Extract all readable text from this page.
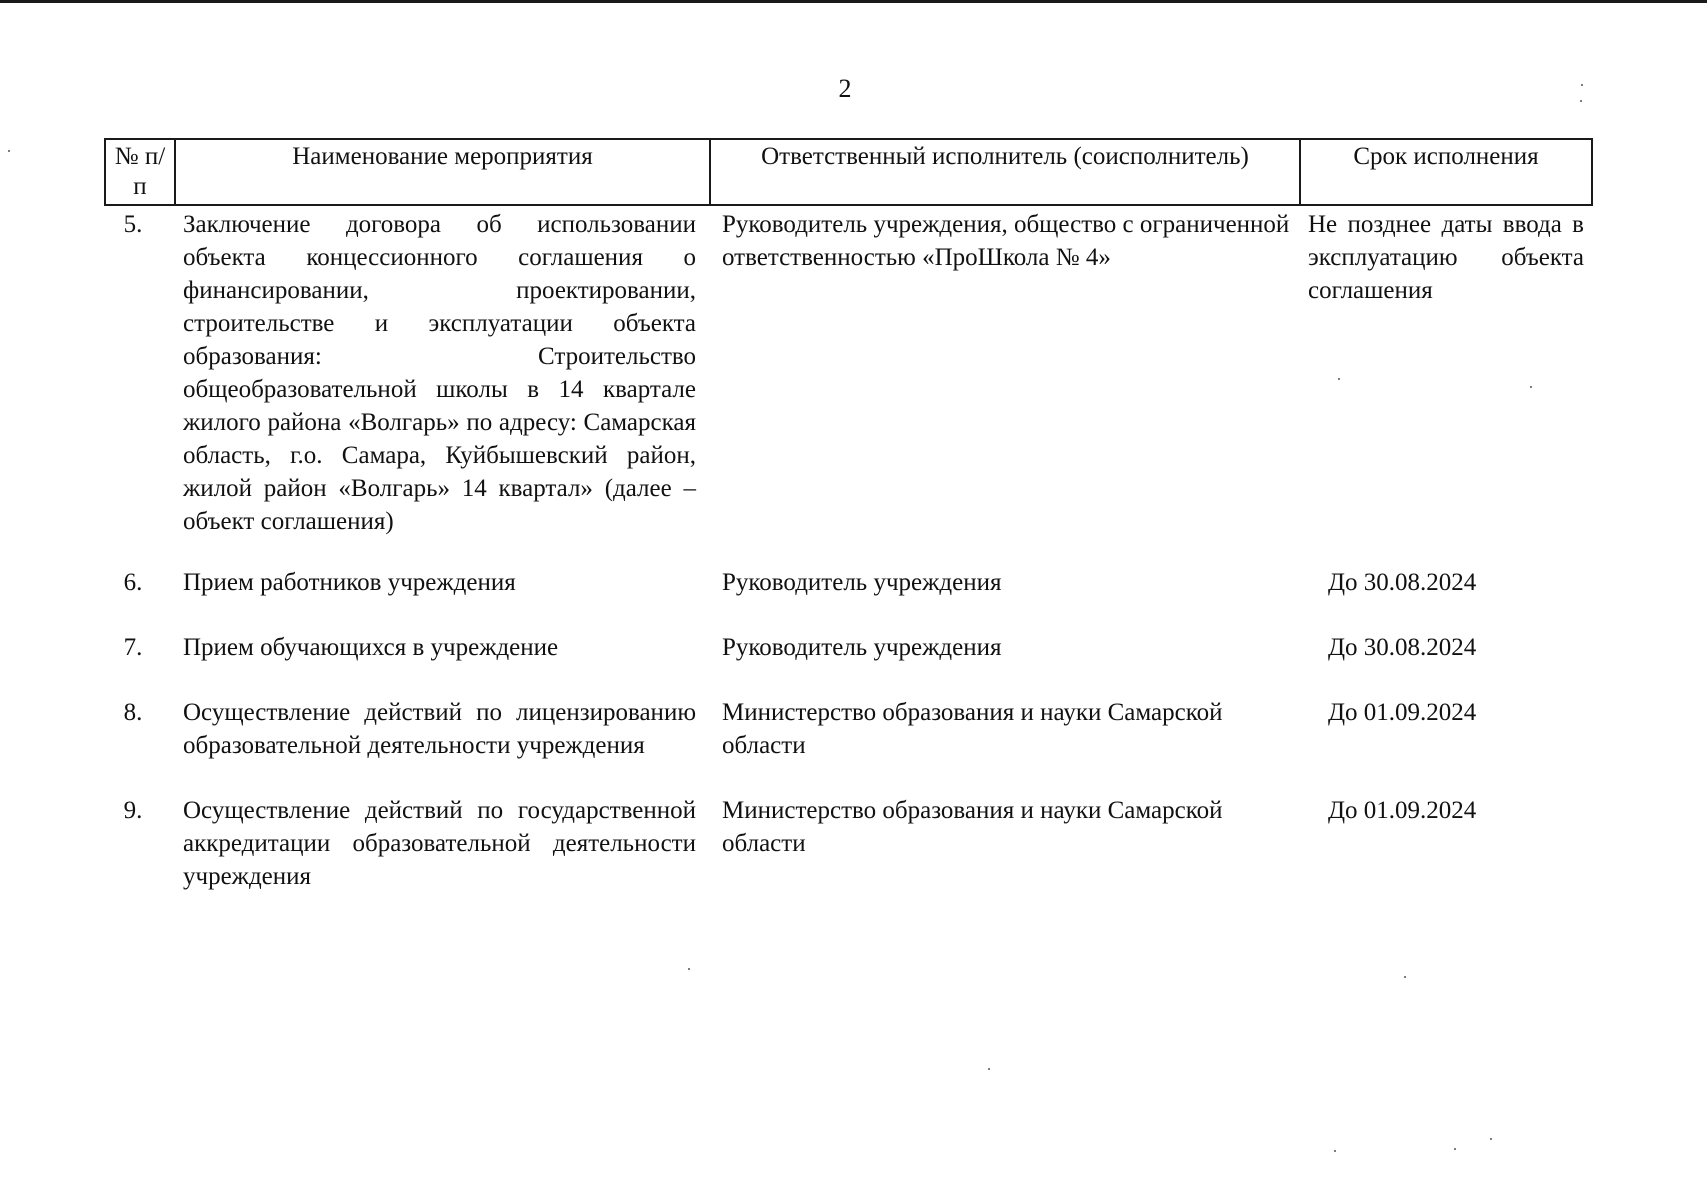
2
№ п/п	Наименование мероприятия	Ответственный исполнитель (соисполнитель)	Срок исполнения
5.	Заключение договора об использовании объекта концессионного соглашения о финансировании, проектировании, строительстве и эксплуатации объекта образования: Строительство общеобразовательной школы в 14 квартале жилого района «Волгарь» по адресу: Самарская область, г.о. Самара, Куйбышевский район, жилой район «Волгарь» 14 квартал» (далее – объект соглашения)	Руководитель учреждения, общество с ограниченной ответственностью «ПроШкола № 4»	Не позднее даты ввода в эксплуатацию объекта соглашения
6.	Прием работников учреждения	Руководитель учреждения	До 30.08.2024
7.	Прием обучающихся в учреждение	Руководитель учреждения	До 30.08.2024
8.	Осуществление действий по лицензированию образовательной деятельности учреждения	Министерство образования и науки Самарской области	До 01.09.2024
9.	Осуществление действий по государственной аккредитации образовательной деятельности учреждения	Министерство образования и науки Самарской области	До 01.09.2024
